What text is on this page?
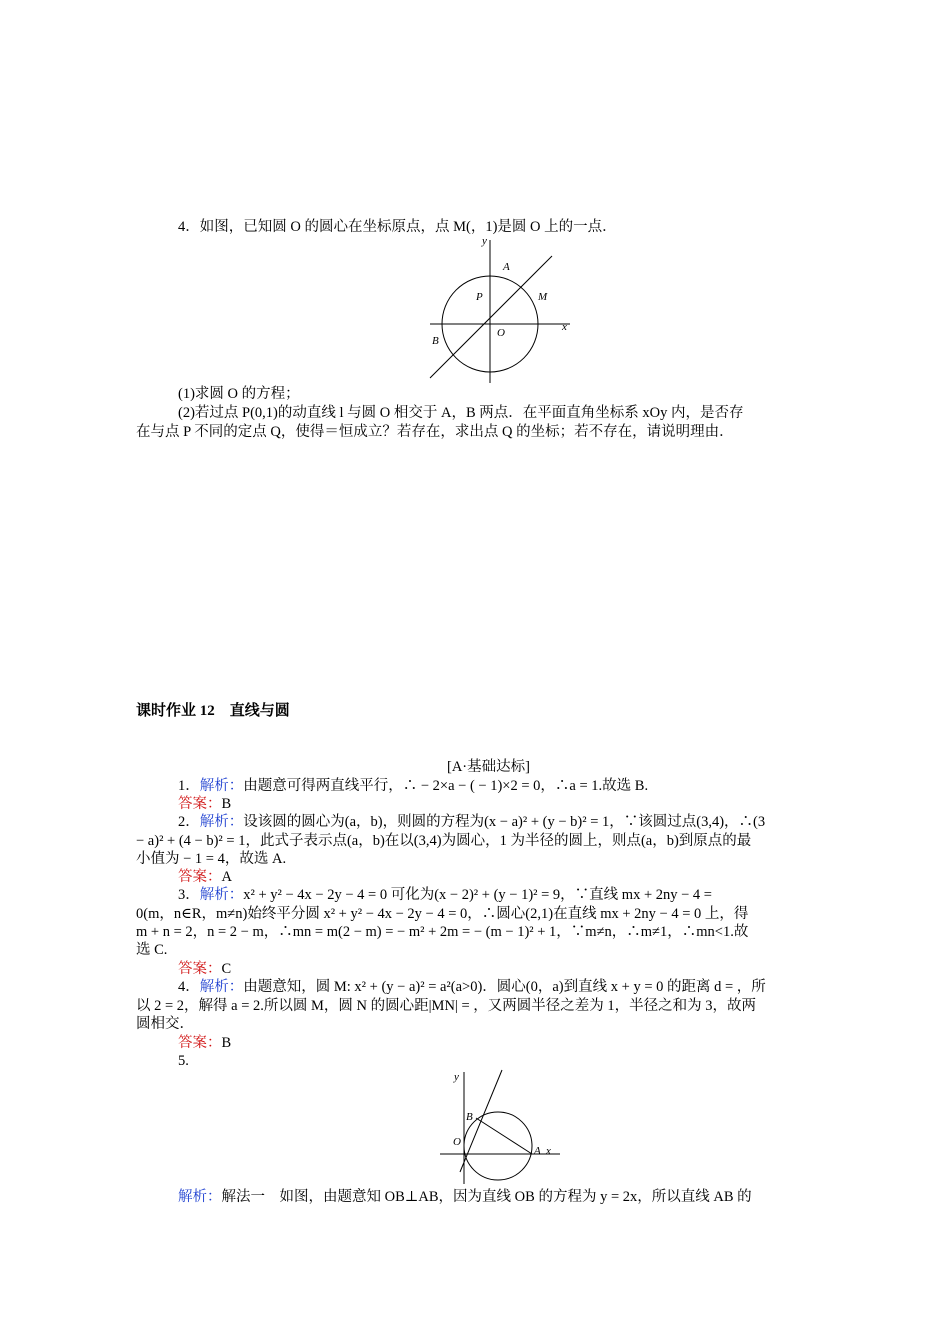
4．如图，已知圆 O 的圆心在坐标原点，点 M(，1)是圆 O 上的一点．
y
x
A
P	M
O
B
(1)求圆 O 的方程；
(2)若过点 P(0,1)的动直线 l 与圆 O 相交于 A，B 两点．在平面直角坐标系 xOy 内，是否存
在与点 P 不同的定点 Q，使得＝恒成立？若存在，求出点 Q 的坐标；若不存在，请说明理由．
课时作业 12　直线与圆
[A·基础达标]
1．解析：由题意可得两直线平行，∴ − 2×a − ( − 1)×2 = 0，∴a = 1.故选 B.
答案：B
2．解析：设该圆的圆心为(a，b)，则圆的方程为(x − a)² + (y − b)² = 1，∵该圆过点(3,4)，∴(3
− a)² + (4 − b)² = 1，此式子表示点(a，b)在以(3,4)为圆心，1 为半径的圆上，则点(a，b)到原点的最
小值为 − 1 = 4，故选 A.
答案：A
3．解析：x² + y² − 4x − 2y − 4 = 0 可化为(x − 2)² + (y − 1)² = 9，∵直线 mx + 2ny − 4 =
0(m，n∈R，m≠n)始终平分圆 x² + y² − 4x − 2y − 4 = 0，∴圆心(2,1)在直线 mx + 2ny − 4 = 0 上，得
m + n = 2，n = 2 − m，∴mn = m(2 − m) = − m² + 2m = − (m − 1)² + 1，∵m≠n，∴m≠1，∴mn<1.故
选 C.
答案：C
4．解析：由题意知，圆 M: x² + (y − a)² = a²(a>0)．圆心(0，a)到直线 x + y = 0 的距离 d = ，所
以 2 = 2，解得 a = 2.所以圆 M，圆 N 的圆心距|MN| = ，又两圆半径之差为 1，半径之和为 3，故两
圆相交．
答案：B
5.
y
B
O
A x
解析：解法一　如图，由题意知 OB⊥AB，因为直线 OB 的方程为 y = 2x，所以直线 AB 的
